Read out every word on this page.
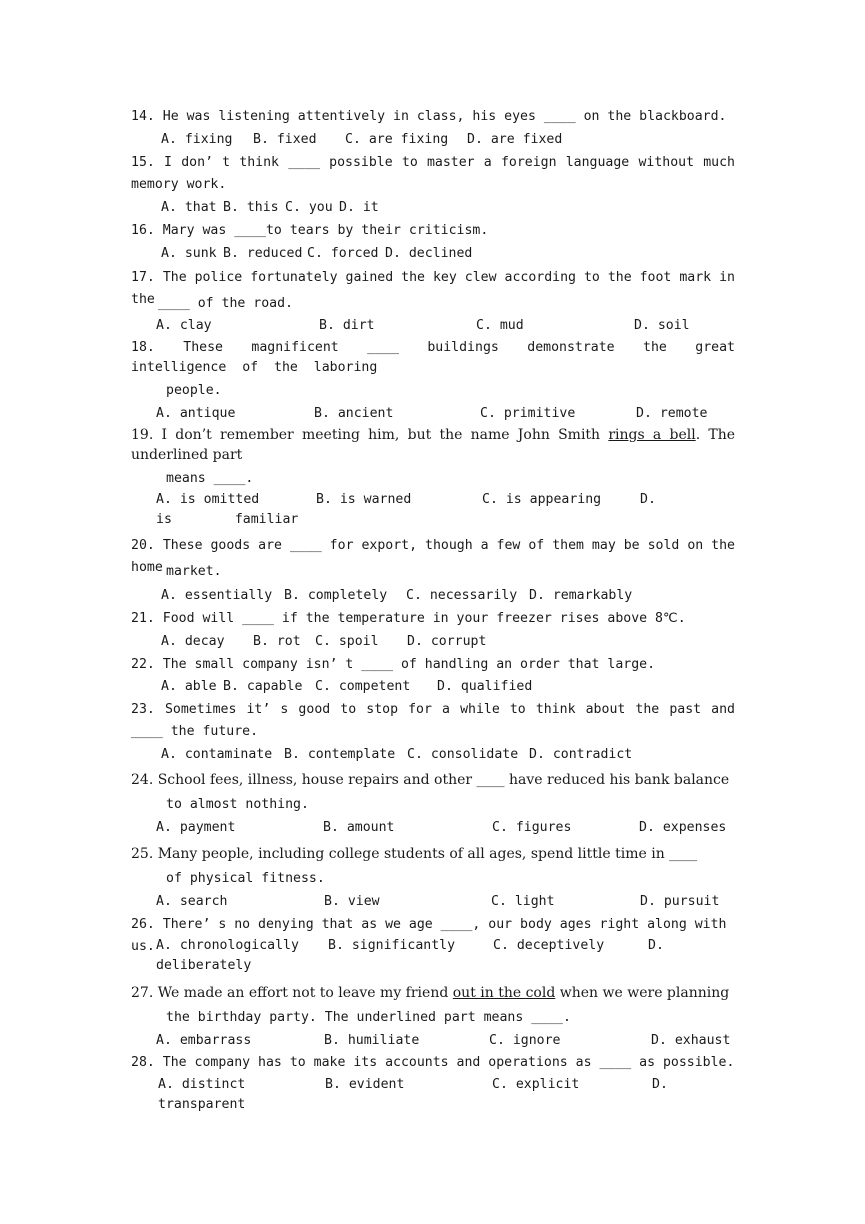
14. He was listening attentively in class, his eyes ____ on the blackboard.
A. fixing	B. fixed	C. are fixing	D. are fixed
15. I don’ t think ____ possible to master a foreign language without much memory work.
A. that B. this C. you D. it
16. Mary was ____to tears by their criticism.
A. sunk B. reduced C. forced D. declined
17. The police fortunately gained the key clew according to the foot mark in the ____ of the road.
A. clay	B. dirt	C. mud	D. soil
18. These magnificent ____ buildings demonstrate the great intelligence of the laboring
people.
A. antique	B. ancient	C. primitive	D. remote
19. I don’t remember meeting him, but the name John Smith rings a bell. The underlined part
means ____.
A. is omitted	B. is warned	C. is appearing	D. is familiar
20. These goods are ____ for export, though a few of them may be sold on the home market.
A. essentially B. completely	C. necessarily D. remarkably
21. Food will ____ if the temperature in your freezer rises above 8℃.
A. decay	B. rot	C. spoil	D. corrupt
22. The small company isn’ t ____ of handling an order that large.
A. able B. capable C. competent	D. qualified
23. Sometimes it’ s good to stop for a while to think about the past and ____ the future.
A. contaminate B. contemplate C. consolidate D. contradict
24. School fees, illness, house repairs and other ____ have reduced his bank balance
to almost nothing.
A. payment	B. amount	C. figures	D. expenses
25. Many people, including college students of all ages, spend little time in ____
of physical fitness.
A. search	B. view	C. light	D. pursuit
26. There’ s no denying that as we age ____, our body ages right along with us. A. chronologically B. significantly	C. deceptively	D.
deliberately
27. We made an effort not to leave my friend out in the cold when we were planning
the birthday party. The underlined part means ____.
A. embarrass	B. humiliate	C. ignore	D. exhaust
28. The company has to make its accounts and operations as ____ as possible.
A. distinct	B. evident	C. explicit	D.
transparent
